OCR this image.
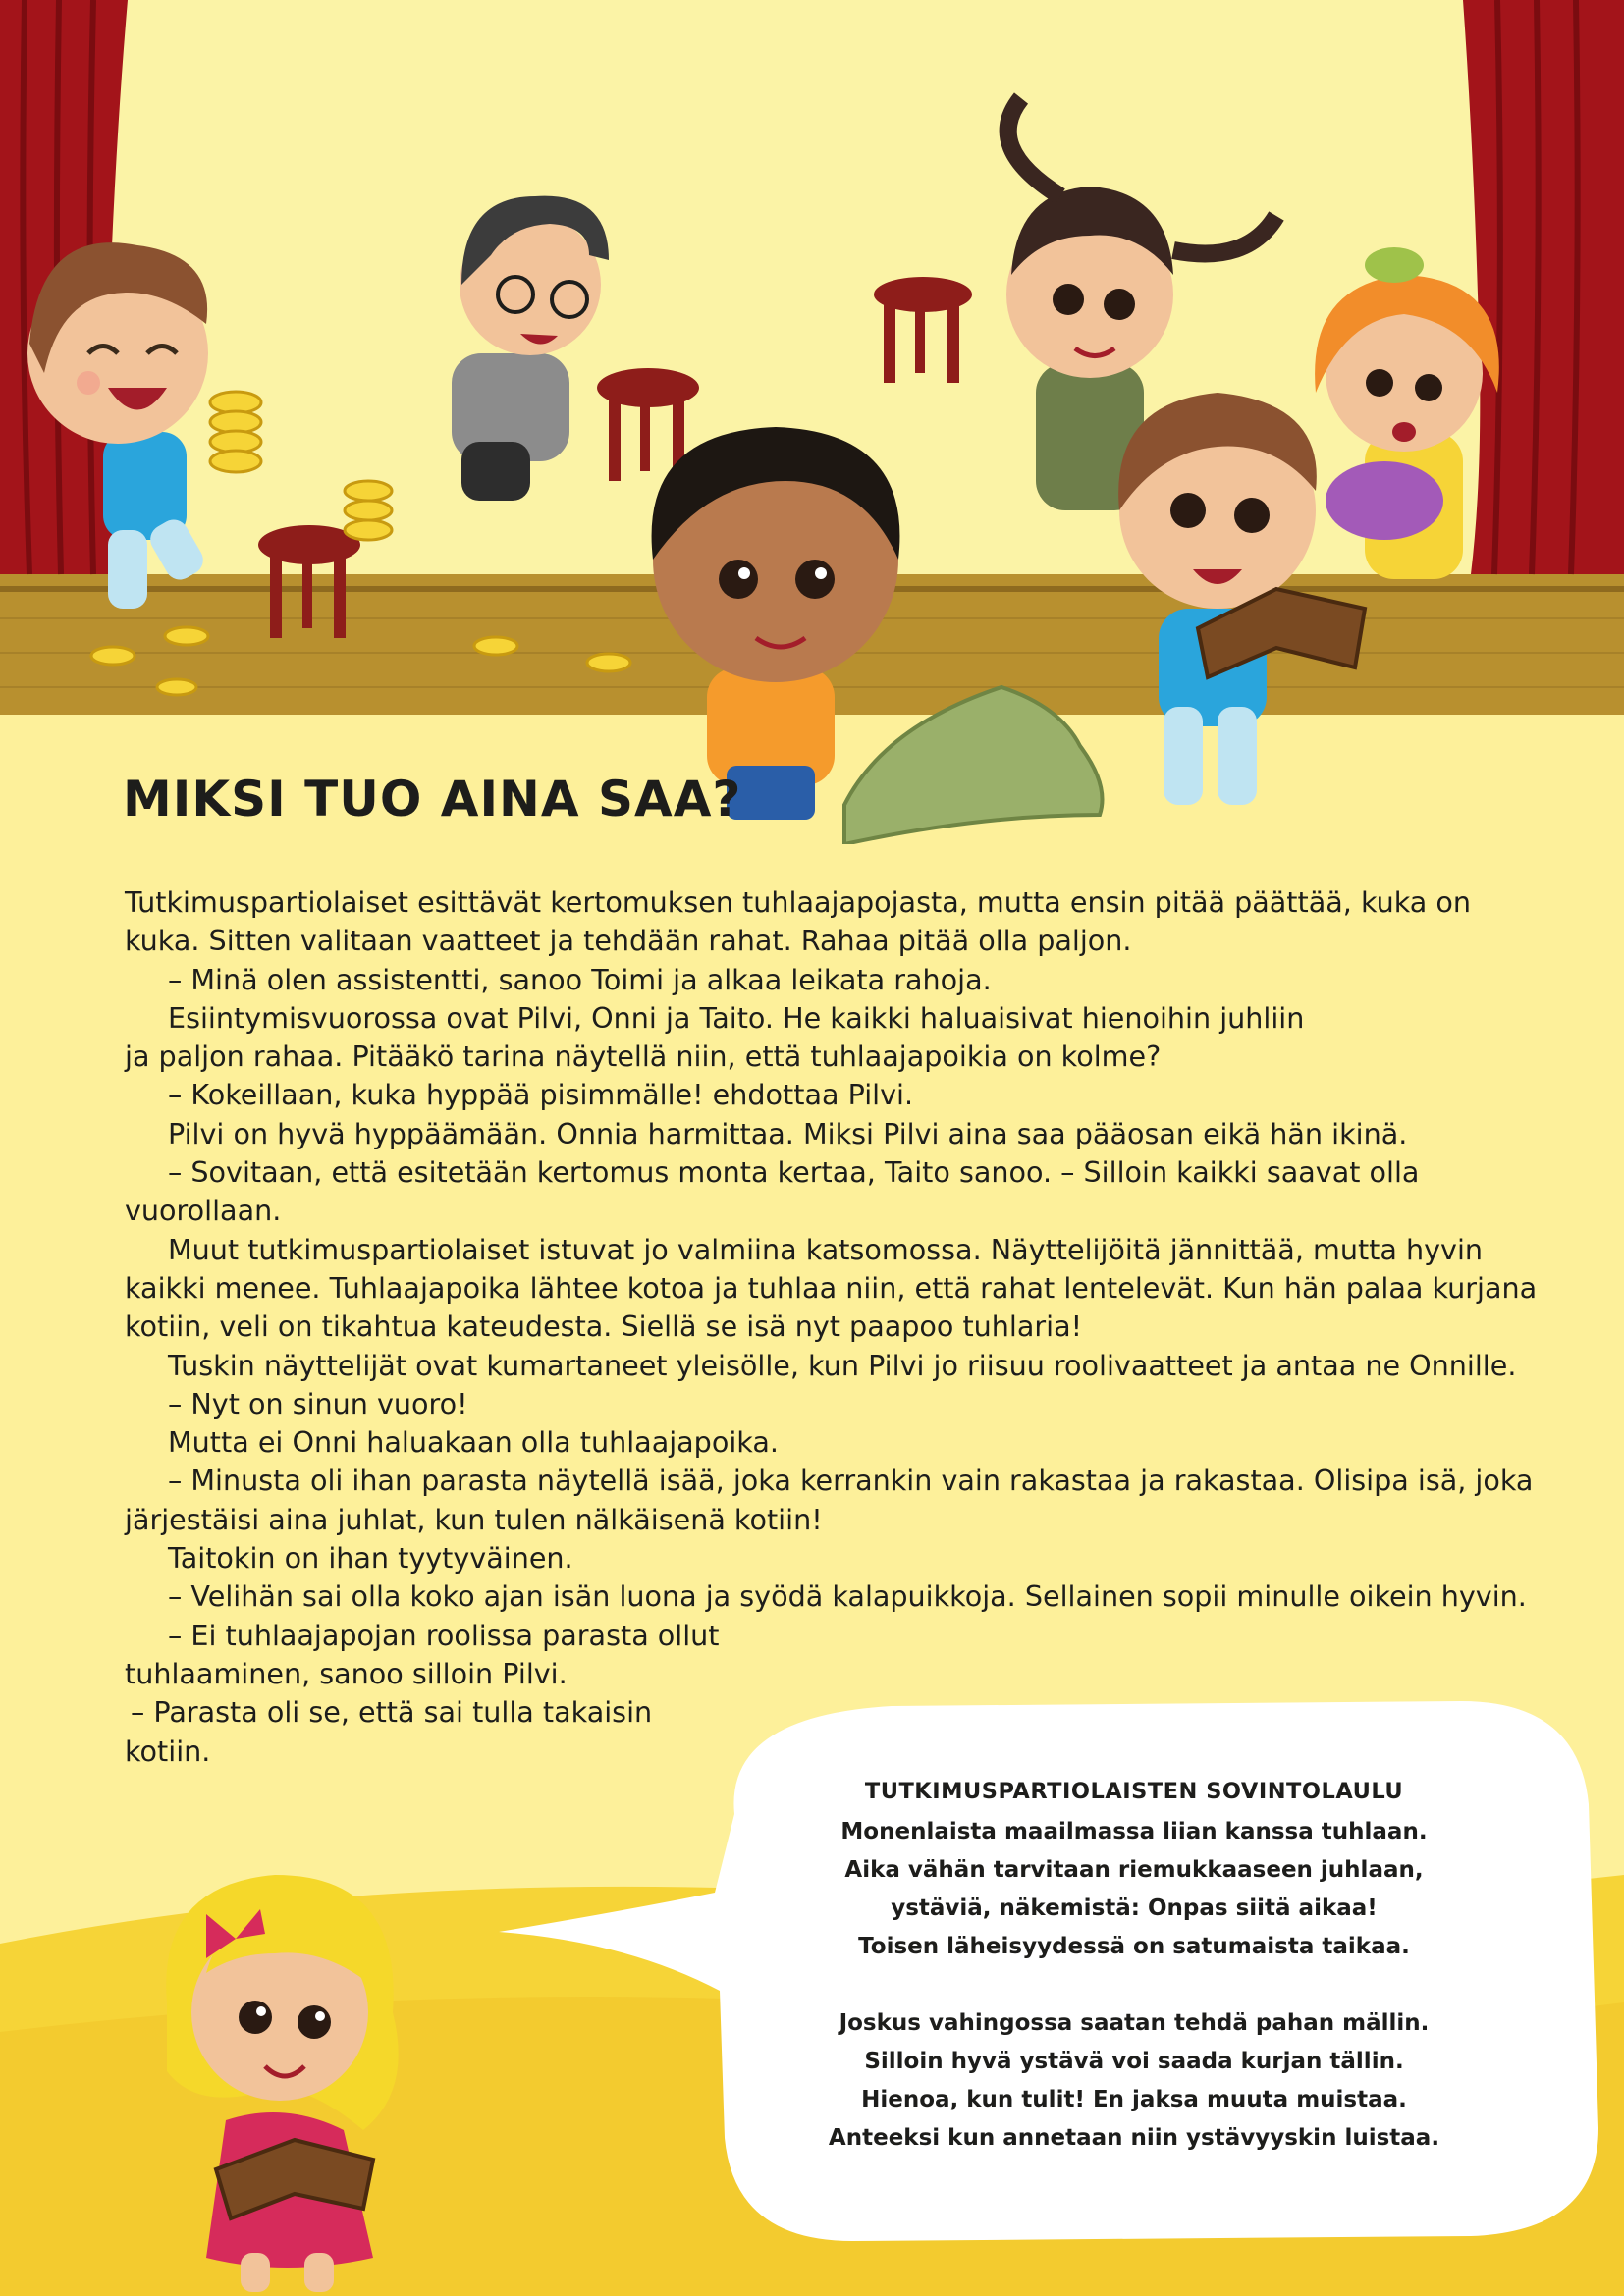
MIKSI TUO AINA SAA?

Tutkimuspartiolaiset esittävät kertomuksen tuhlaajapojasta, mutta ensin pitää päättää, kuka on kuka. Sitten valitaan vaatteet ja tehdään rahat. Rahaa pitää olla paljon.

– Minä olen assistentti, sanoo Toimi ja alkaa leikata rahoja.

Esiintymisvuorossa ovat Pilvi, Onni ja Taito. He kaikki haluaisivat hienoihin juhliin

ja paljon rahaa. Pitääkö tarina näytellä niin, että tuhlaajapoikia on kolme?

– Kokeillaan, kuka hyppää pisimmälle! ehdottaa Pilvi.

Pilvi on hyvä hyppäämään. Onnia harmittaa. Miksi Pilvi aina saa pääosan eikä hän ikinä.

– Sovitaan, että esitetään kertomus monta kertaa, Taito sanoo. – Silloin kaikki saavat olla vuorollaan.

Muut tutkimuspartiolaiset istuvat jo valmiina katsomossa. Näyttelijöitä jännittää, mutta hyvin kaikki menee. Tuhlaajapoika lähtee kotoa ja tuhlaa niin, että rahat lentelevät. Kun hän palaa kurjana kotiin, veli on tikahtua kateudesta. Siellä se isä nyt paapoo tuhlaria!

Tuskin näyttelijät ovat kumartaneet yleisölle, kun Pilvi jo riisuu roolivaatteet ja antaa ne Onnille.

– Nyt on sinun vuoro!

Mutta ei Onni haluakaan olla tuhlaajapoika.

– Minusta oli ihan parasta näytellä isää, joka kerrankin vain rakastaa ja rakastaa. Olisipa isä, joka järjestäisi aina juhlat, kun tulen nälkäisenä kotiin!

Taitokin on ihan tyytyväinen.

– Velihän sai olla koko ajan isän luona ja syödä kalapuikkoja. Sellainen sopii minulle oikein hyvin.

– Ei tuhlaajapojan roolissa parasta ollut tuhlaaminen, sanoo silloin Pilvi.

– Parasta oli se, että sai tulla takaisin kotiin.

TUTKIMUSPARTIOLAISTEN SOVINTOLAULU

Monenlaista maailmassa liian kanssa tuhlaan.

Aika vähän tarvitaan riemukkaaseen juhlaan,

ystäviä, näkemistä: Onpas siitä aikaa!

Toisen läheisyydessä on satumaista taikaa.

Joskus vahingossa saatan tehdä pahan mällin.

Silloin hyvä ystävä voi saada kurjan tällin.

Hienoa, kun tulit! En jaksa muuta muistaa.

Anteeksi kun annetaan niin ystävyyskin luistaa.
